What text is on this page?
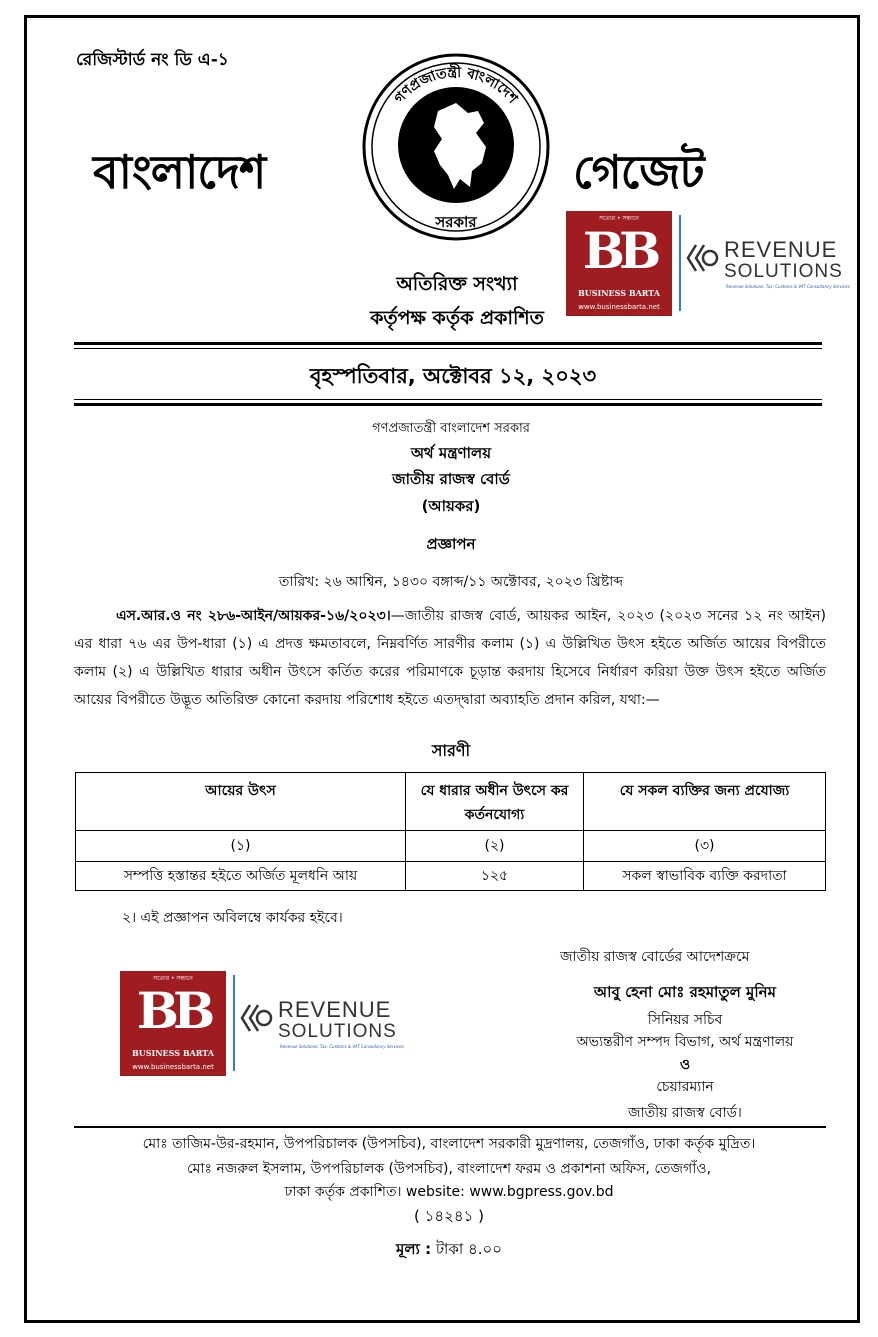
রেজিস্টার্ড নং ডি এ-১
বাংলাদেশ	গেজেট
গণপ্রজাতন্ত্রী বাংলাদেশ
সরকার
অতিরিক্ত সংখ্যা
কর্তৃপক্ষ কর্তৃক প্রকাশিত
সত্যের • সন্ধানে
BB
BUSINESS BARTA
www.businessbarta.net
REVENUE
SOLUTIONS
Revenue Solutions: Tax, Customs & VAT Consultancy Services
বৃহস্পতিবার, অক্টোবর ১২, ২০২৩
গণপ্রজাতন্ত্রী বাংলাদেশ সরকার
অর্থ মন্ত্রণালয়
জাতীয় রাজস্ব বোর্ড
(আয়কর)
প্রজ্ঞাপন
তারিখ: ২৬ আশ্বিন, ১৪৩০ বঙ্গাব্দ/১১ অক্টোবর, ২০২৩ খ্রিষ্টাব্দ
এস.আর.ও নং ২৮৬-আইন/আয়কর-১৬/২০২৩।—জাতীয় রাজস্ব বোর্ড, আয়কর আইন, ২০২৩ (২০২৩ সনের ১২ নং আইন) এর ধারা ৭৬ এর উপ-ধারা (১) এ প্রদত্ত ক্ষমতাবলে, নিম্নবর্ণিত সারণীর কলাম (১) এ উল্লিখিত উৎস হইতে অর্জিত আয়ের বিপরীতে কলাম (২) এ উল্লিখিত ধারার অধীন উৎসে কর্তিত করের পরিমাণকে চূড়ান্ত করদায় হিসেবে নির্ধারণ করিয়া উক্ত উৎস হইতে অর্জিত আয়ের বিপরীতে উদ্ভূত অতিরিক্ত কোনো করদায় পরিশোধ হইতে এতদ্দ্বারা অব্যাহতি প্রদান করিল, যথা:—
সারণী
আয়ের উৎস	যে ধারার অধীন উৎসে কর কর্তনযোগ্য	যে সকল ব্যক্তির জন্য প্রযোজ্য
(১)	(২)	(৩)
সম্পত্তি হস্তান্তর হইতে অর্জিত মূলধনি আয়	১২৫	সকল স্বাভাবিক ব্যক্তি করদাতা
২। এই প্রজ্ঞাপন অবিলম্বে কার্যকর হইবে।
জাতীয় রাজস্ব বোর্ডের আদেশক্রমে
সত্যের • সন্ধানে
BB
BUSINESS BARTA
www.businessbarta.net
REVENUE
SOLUTIONS
Revenue Solutions: Tax, Customs & VAT Consultancy Services
আবু হেনা মোঃ রহমাতুল মুনিম
সিনিয়র সচিব
অভ্যন্তরীণ সম্পদ বিভাগ, অর্থ মন্ত্রণালয়
ও
চেয়ারম্যান
জাতীয় রাজস্ব বোর্ড।
মোঃ তাজিম-উর-রহমান, উপপরিচালক (উপসচিব), বাংলাদেশ সরকারী মুদ্রণালয়, তেজগাঁও, ঢাকা কর্তৃক মুদ্রিত।
মোঃ নজরুল ইসলাম, উপপরিচালক (উপসচিব), বাংলাদেশ ফরম ও প্রকাশনা অফিস, তেজগাঁও,
ঢাকা কর্তৃক প্রকাশিত। website: www.bgpress.gov.bd
( ১৪২৪১ )
মূল্য : টাকা ৪.০০
